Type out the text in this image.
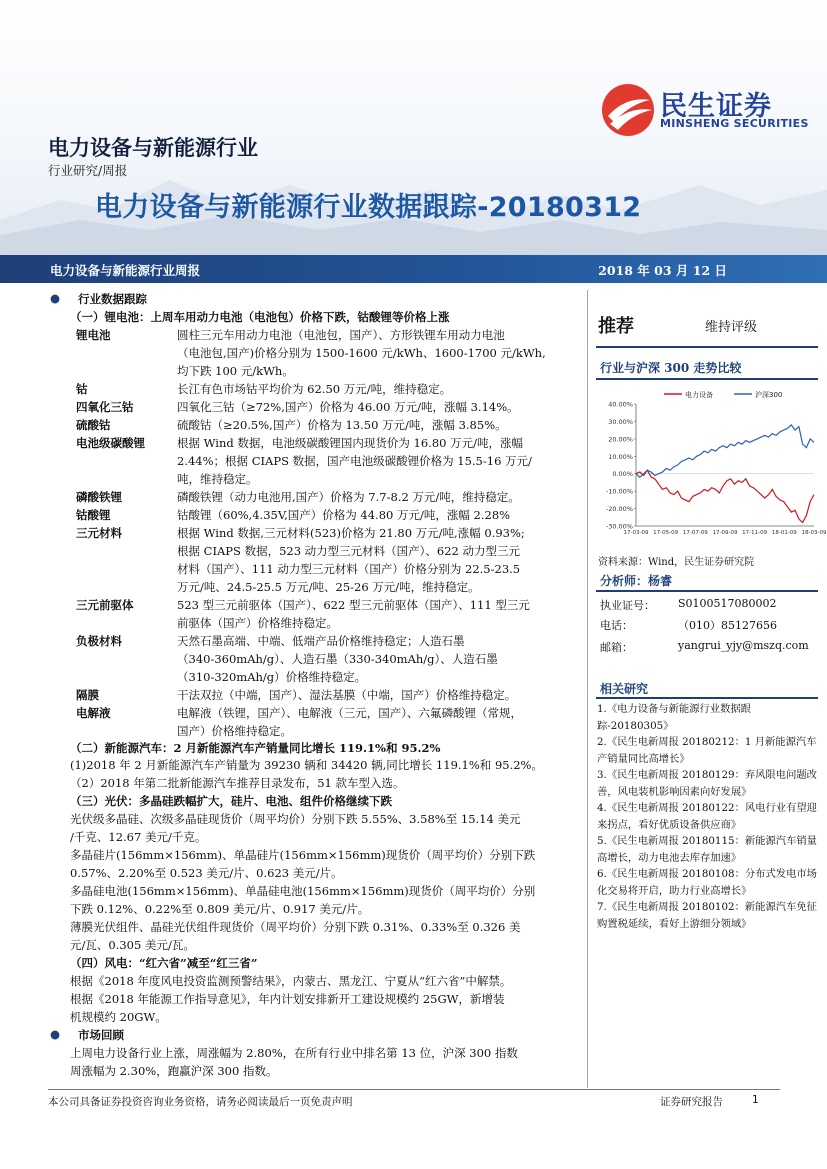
电力设备与新能源行业
行业研究/周报
电力设备与新能源行业数据跟踪-20180312
民生证券
MINSHENG SECURITIES
电力设备与新能源行业周报	2018 年 03 月 12 日
● 行业数据跟踪
（一）锂电池：上周车用动力电池（电池包）价格下跌，钴酸锂等价格上涨
锂电池	圆柱三元车用动力电池（电池包，国产）、方形铁锂车用动力电池
（电池包,国产)价格分别为 1500-1600 元/kWh、1600-1700 元/kWh,
均下跌 100 元/kWh。
钴	长江有色市场钴平均价为 62.50 万元/吨，维持稳定。
四氧化三钴	四氧化三钴（≥72%,国产）价格为 46.00 万元/吨，涨幅 3.14%。
硫酸钴	硫酸钴（≥20.5%,国产）价格为 13.50 万元/吨，涨幅 3.85%。
电池级碳酸锂	根据 Wind 数据，电池级碳酸锂国内现货价为 16.80 万元/吨，涨幅
2.44%；根据 CIAPS 数据，国产电池级碳酸锂价格为 15.5-16 万元/
吨，维持稳定。
磷酸铁锂	磷酸铁锂（动力电池用,国产）价格为 7.7-8.2 万元/吨，维持稳定。
钴酸锂	钴酸锂（60%,4.35V,国产）价格为 44.80 万元/吨，涨幅 2.28%
三元材料	根据 Wind 数据,三元材料(523)价格为 21.80 万元/吨,涨幅 0.93%;
根据 CIAPS 数据，523 动力型三元材料（国产）、622 动力型三元
材料（国产）、111 动力型三元材料（国产）价格分别为 22.5-23.5
万元/吨、24.5-25.5 万元/吨、25-26 万元/吨，维持稳定。
三元前驱体	523 型三元前驱体（国产）、622 型三元前驱体（国产）、111 型三元
前驱体（国产）价格维持稳定。
负极材料	天然石墨高端、中端、低端产品价格维持稳定；人造石墨
（340-360mAh/g）、人造石墨（330-340mAh/g）、人造石墨
（310-320mAh/g）价格维持稳定。
隔膜	干法双拉（中端，国产）、湿法基膜（中端，国产）价格维持稳定。
电解液	电解液（铁锂，国产）、电解液（三元，国产）、六氟磷酸锂（常规，
国产）价格维持稳定。
（二）新能源汽车：2 月新能源汽车产销量同比增长 119.1%和 95.2%
(1)2018 年 2 月新能源汽车产销量为 39230 辆和 34420 辆,同比增长 119.1%和 95.2%。
（2）2018 年第二批新能源汽车推荐目录发布，51 款车型入选。
（三）光伏：多晶硅跌幅扩大，硅片、电池、组件价格继续下跌
光伏级多晶硅、次级多晶硅现货价（周平均价）分别下跌 5.55%、3.58%至 15.14 美元
/千克、12.67 美元/千克。
多晶硅片(156mm×156mm)、单晶硅片(156mm×156mm)现货价（周平均价）分别下跌
0.57%、2.20%至 0.523 美元/片、0.623 美元/片。
多晶硅电池(156mm×156mm)、单晶硅电池(156mm×156mm)现货价（周平均价）分别
下跌 0.12%、0.22%至 0.809 美元/片、0.917 美元/片。
薄膜光伏组件、晶硅光伏组件现货价（周平均价）分别下跌 0.31%、0.33%至 0.326 美
元/瓦、0.305 美元/瓦。
（四）风电：“红六省”减至“红三省”
根据《2018 年度风电投资监测预警结果》，内蒙古、黑龙江、宁夏从“红六省”中解禁。
根据《2018 年能源工作指导意见》，年内计划安排新开工建设规模约 25GW，新增装
机规模约 20GW。
● 市场回顾
上周电力设备行业上涨，周涨幅为 2.80%，在所有行业中排名第 13 位，沪深 300 指数
周涨幅为 2.30%，跑赢沪深 300 指数。
推荐	维持评级
行业与沪深 300 走势比较
40.00%
30.00%
20.00%
10.00%
0.00%
-10.00%
-20.00%
-30.00%
17-03-09 17-05-09 17-07-09 17-09-09 17-11-09 18-01-09 18-03-09
电力设备	沪深300
资料来源：Wind，民生证券研究院
分析师：杨睿
执业证号： S0100517080002
电话：	（010）85127656
邮箱：	yangrui_yjy@mszq.com
相关研究
1.《电力设备与新能源行业数据跟踪-20180305》
2.《民生电新周报 20180212：1 月新能源汽车产销量同比高增长》
3.《民生电新周报 20180129：弃风限电问题改善，风电装机影响因素向好发展》
4.《民生电新周报 20180122：风电行业有望迎来拐点，看好优质设备供应商》
5.《民生电新周报 20180115：新能源汽车销量高增长，动力电池去库存加速》
6.《民生电新周报 20180108：分布式发电市场化交易将开启，助力行业高增长》
7.《民生电新周报 20180102：新能源汽车免征购置税延续，看好上游细分领域》
本公司具备证券投资咨询业务资格，请务必阅读最后一页免责声明	证券研究报告	1
